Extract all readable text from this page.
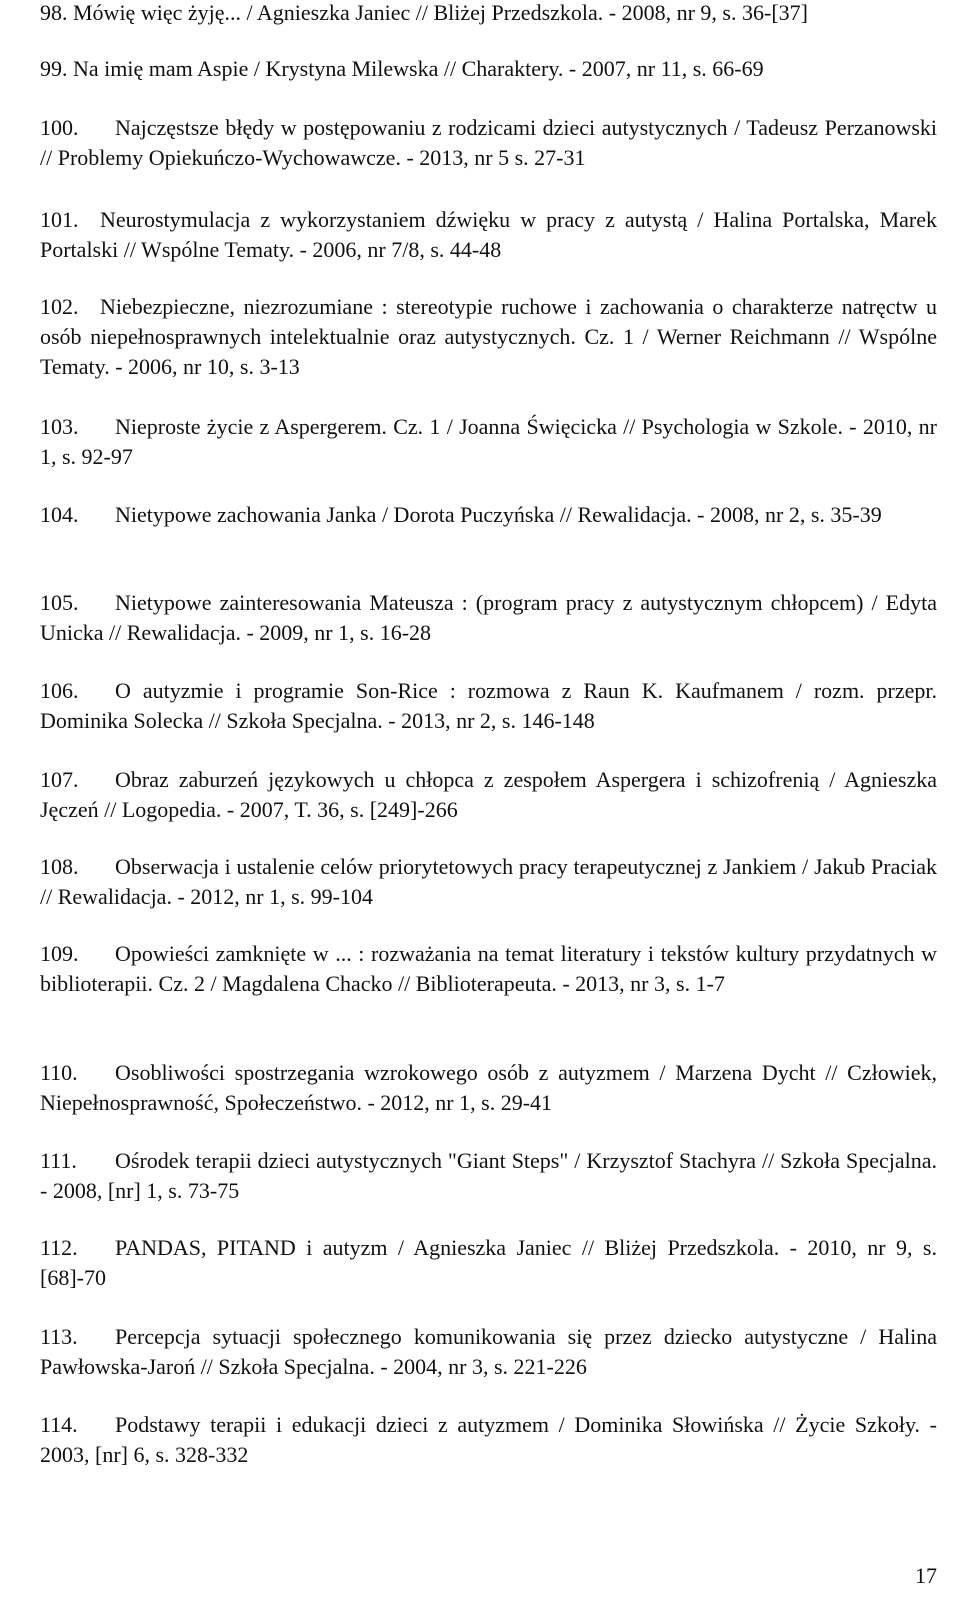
98. Mówię więc żyję... / Agnieszka Janiec // Bliżej Przedszkola. - 2008, nr 9, s. 36-[37]

99. Na imię mam Aspie / Krystyna Milewska // Charaktery. - 2007, nr 11, s. 66-69

100. Najczęstsze błędy w postępowaniu z rodzicami dzieci autystycznych / Tadeusz Perzanowski // Problemy Opiekuńczo-Wychowawcze. - 2013, nr 5 s. 27-31

101. Neurostymulacja z wykorzystaniem dźwięku w pracy z autystą / Halina Portalska, Marek Portalski // Wspólne Tematy. - 2006, nr 7/8, s. 44-48

102. Niebezpieczne, niezrozumiane : stereotypie ruchowe i zachowania o charakterze natręctw u osób niepełnosprawnych intelektualnie oraz autystycznych. Cz. 1 / Werner Reichmann // Wspólne Tematy. - 2006, nr 10, s. 3-13

103. Nieproste życie z Aspergerem. Cz. 1 / Joanna Święcicka // Psychologia w Szkole. - 2010, nr 1, s. 92-97

104. Nietypowe zachowania Janka / Dorota Puczyńska // Rewalidacja. - 2008, nr 2, s. 35-39

105. Nietypowe zainteresowania Mateusza : (program pracy z autystycznym chłopcem) / Edyta Unicka // Rewalidacja. - 2009, nr 1, s. 16-28

106. O autyzmie i programie Son-Rice : rozmowa z Raun K. Kaufmanem / rozm. przepr. Dominika Solecka // Szkoła Specjalna. - 2013, nr 2, s. 146-148

107. Obraz zaburzeń językowych u chłopca z zespołem Aspergera i schizofrenią / Agnieszka Jęczeń // Logopedia. - 2007, T. 36, s. [249]-266

108. Obserwacja i ustalenie celów priorytetowych pracy terapeutycznej z Jankiem / Jakub Praciak // Rewalidacja. - 2012, nr 1, s. 99-104

109. Opowieści zamknięte w ... : rozważania na temat literatury i tekstów kultury przydatnych w biblioterapii. Cz. 2 / Magdalena Chacko // Biblioterapeuta. - 2013, nr 3, s. 1-7

110. Osobliwości spostrzegania wzrokowego osób z autyzmem / Marzena Dycht // Człowiek, Niepełnosprawność, Społeczeństwo. - 2012, nr 1, s. 29-41

111. Ośrodek terapii dzieci autystycznych "Giant Steps" / Krzysztof Stachyra // Szkoła Specjalna. - 2008, [nr] 1, s. 73-75

112. PANDAS, PITAND i autyzm / Agnieszka Janiec // Bliżej Przedszkola. - 2010, nr 9, s. [68]-70

113. Percepcja sytuacji społecznego komunikowania się przez dziecko autystyczne / Halina Pawłowska-Jaroń // Szkoła Specjalna. - 2004, nr 3, s. 221-226

114. Podstawy terapii i edukacji dzieci z autyzmem / Dominika Słowińska // Życie Szkoły. - 2003, [nr] 6, s. 328-332

17
